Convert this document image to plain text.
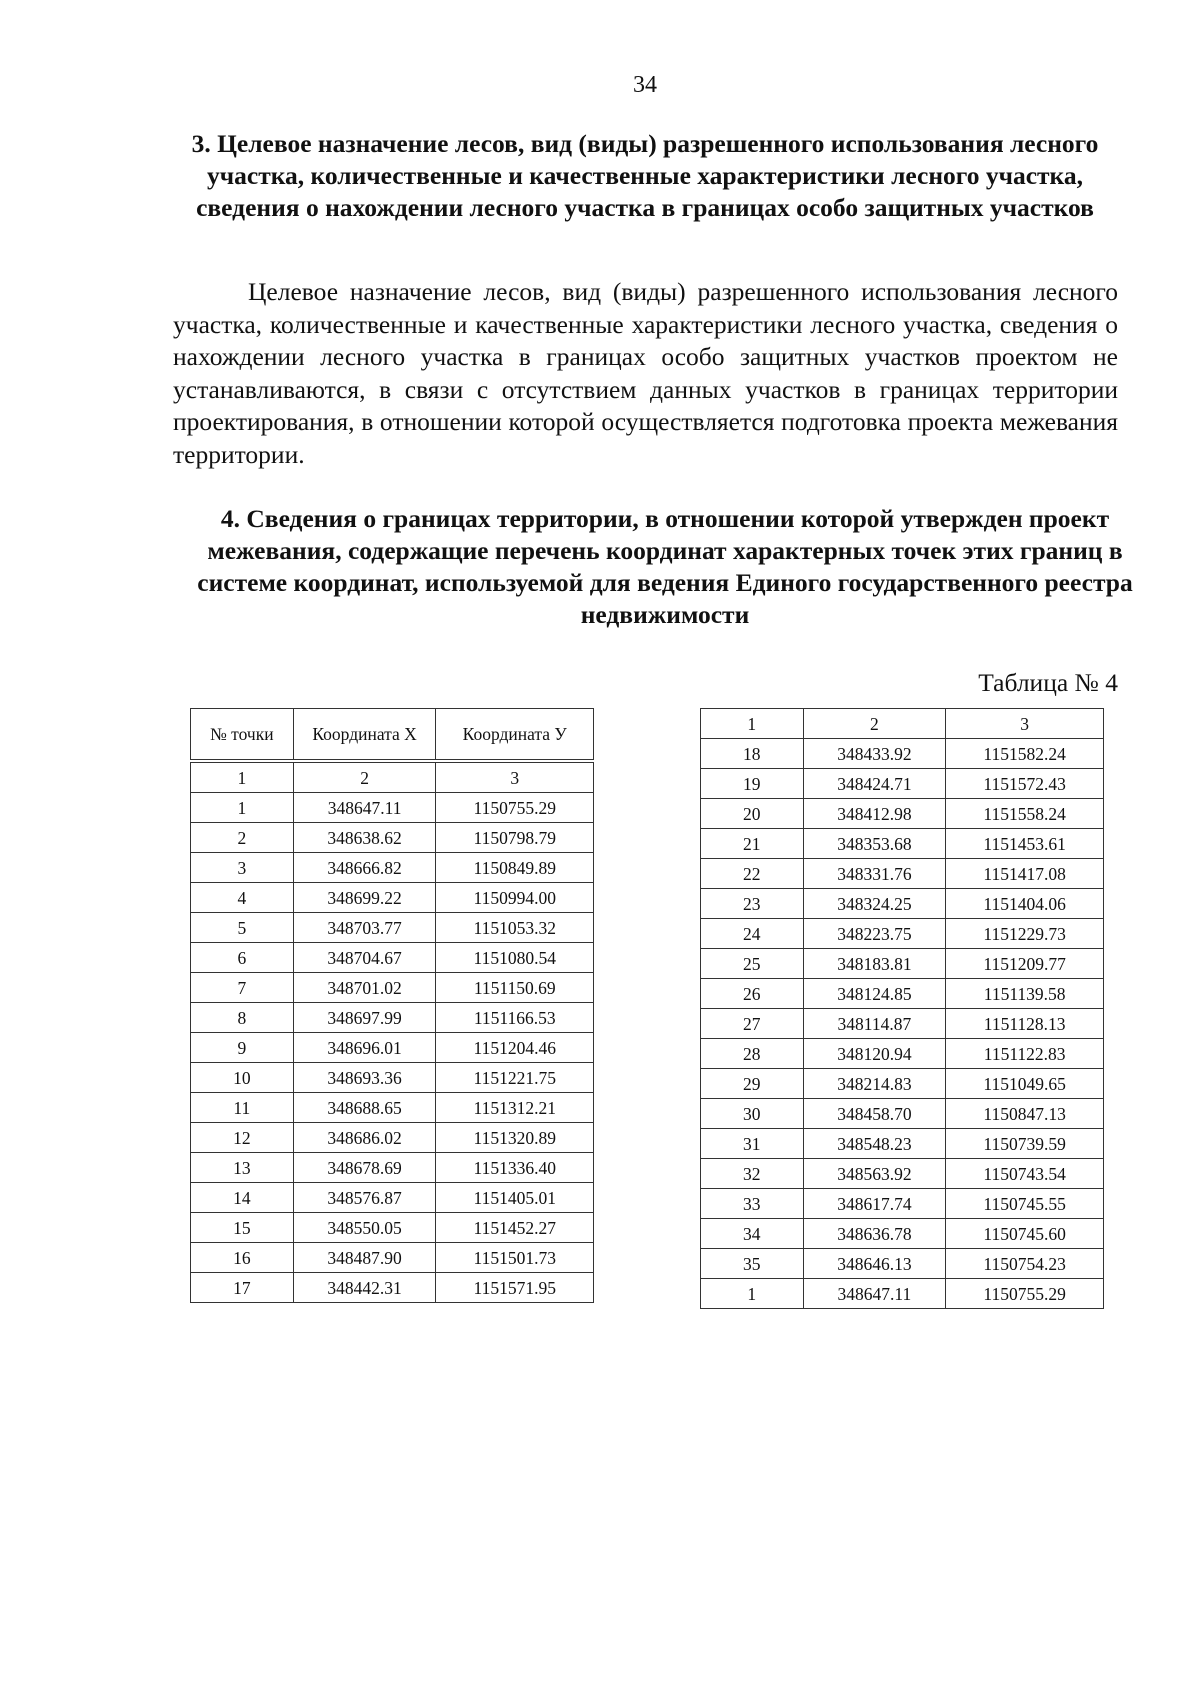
34
3. Целевое назначение лесов, вид (виды) разрешенного использования лесного участка, количественные и качественные характеристики лесного участка, сведения о нахождении лесного участка в границах особо защитных участков

Целевое назначение лесов, вид (виды) разрешенного использования лесного участка, количественные и качественные характеристики лесного участка, сведения о нахождении лесного участка в границах особо защитных участков проектом не устанавливаются, в связи с отсутствием данных участков в границах территории проектирования, в отношении которой осуществляется подготовка проекта межевания территории.

4. Сведения о границах территории, в отношении которой утвержден проект межевания, содержащие перечень координат характерных точек этих границ в системе координат, используемой для ведения Единого государственного реестра недвижимости
Таблица № 4
№ точки	Координата Х	Координата У

1	2	3
1	348647.11	1150755.29
2	348638.62	1150798.79
3	348666.82	1150849.89
4	348699.22	1150994.00
5	348703.77	1151053.32
6	348704.67	1151080.54
7	348701.02	1151150.69
8	348697.99	1151166.53
9	348696.01	1151204.46
10	348693.36	1151221.75
11	348688.65	1151312.21
12	348686.02	1151320.89
13	348678.69	1151336.40
14	348576.87	1151405.01
15	348550.05	1151452.27
16	348487.90	1151501.73
17	348442.31	1151571.95
1	2	3
18	348433.92	1151582.24
19	348424.71	1151572.43
20	348412.98	1151558.24
21	348353.68	1151453.61
22	348331.76	1151417.08
23	348324.25	1151404.06
24	348223.75	1151229.73
25	348183.81	1151209.77
26	348124.85	1151139.58
27	348114.87	1151128.13
28	348120.94	1151122.83
29	348214.83	1151049.65
30	348458.70	1150847.13
31	348548.23	1150739.59
32	348563.92	1150743.54
33	348617.74	1150745.55
34	348636.78	1150745.60
35	348646.13	1150754.23
1	348647.11	1150755.29
